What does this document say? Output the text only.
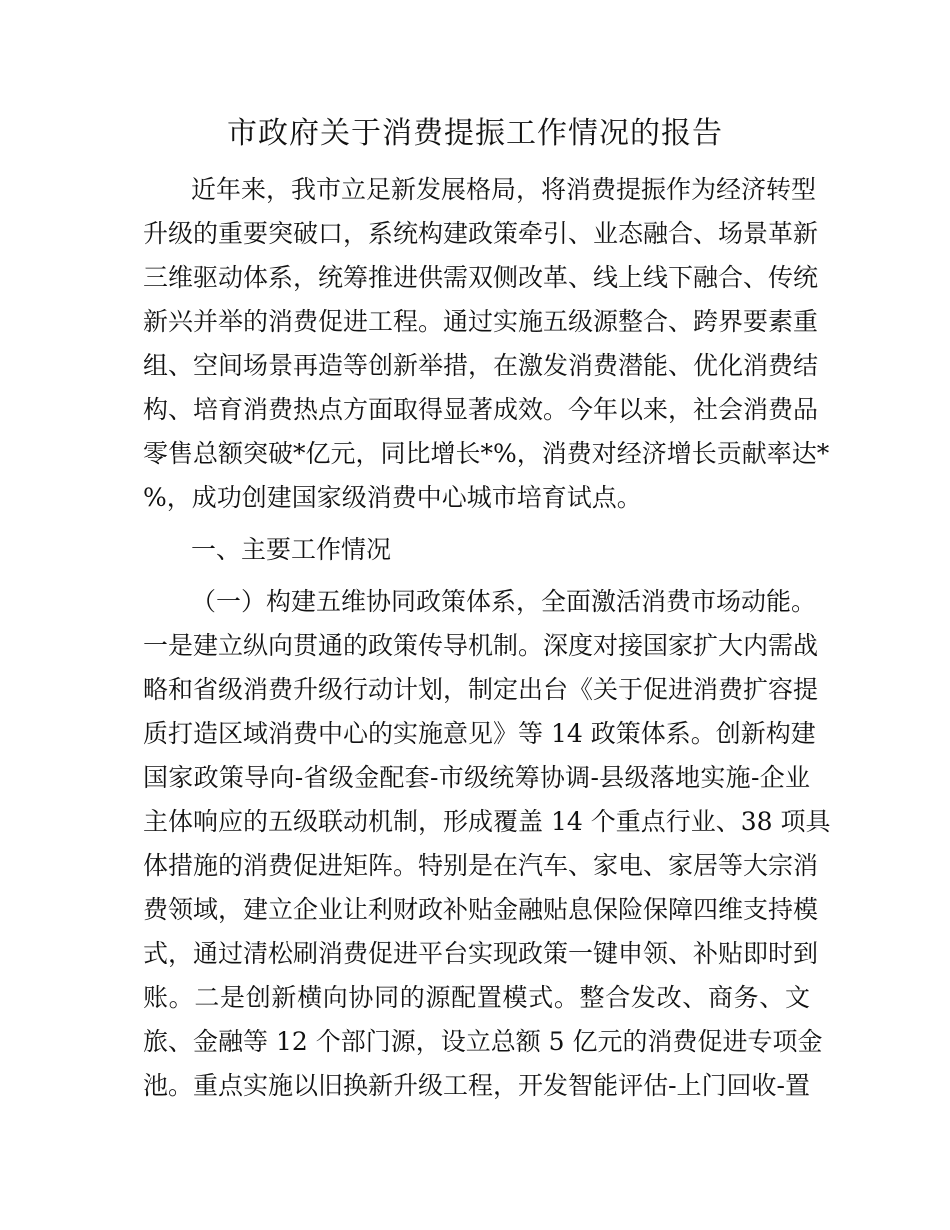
市政府关于消费提振工作情况的报告
近年来，我市立足新发展格局，将消费提振作为经济转型
升级的重要突破口，系统构建政策牵引、业态融合、场景革新
三维驱动体系，统筹推进供需双侧改革、线上线下融合、传统
新兴并举的消费促进工程。通过实施五级源整合、跨界要素重
组、空间场景再造等创新举措，在激发消费潜能、优化消费结
构、培育消费热点方面取得显著成效。今年以来，社会消费品
零售总额突破*亿元，同比增长*%，消费对经济增长贡献率达*
%，成功创建国家级消费中心城市培育试点。
一、主要工作情况
（一）构建五维协同政策体系，全面激活消费市场动能。
一是建立纵向贯通的政策传导机制。深度对接国家扩大内需战
略和省级消费升级行动计划，制定出台《关于促进消费扩容提
质打造区域消费中心的实施意见》等 14 政策体系。创新构建
国家政策导向-省级金配套-市级统筹协调-县级落地实施-企业
主体响应的五级联动机制，形成覆盖 14 个重点行业、38 项具
体措施的消费促进矩阵。特别是在汽车、家电、家居等大宗消
费领域，建立企业让利财政补贴金融贴息保险保障四维支持模
式，通过清松刷消费促进平台实现政策一键申领、补贴即时到
账。二是创新横向协同的源配置模式。整合发改、商务、文
旅、金融等 12 个部门源，设立总额 5 亿元的消费促进专项金
池。重点实施以旧换新升级工程，开发智能评估-上门回收-置
